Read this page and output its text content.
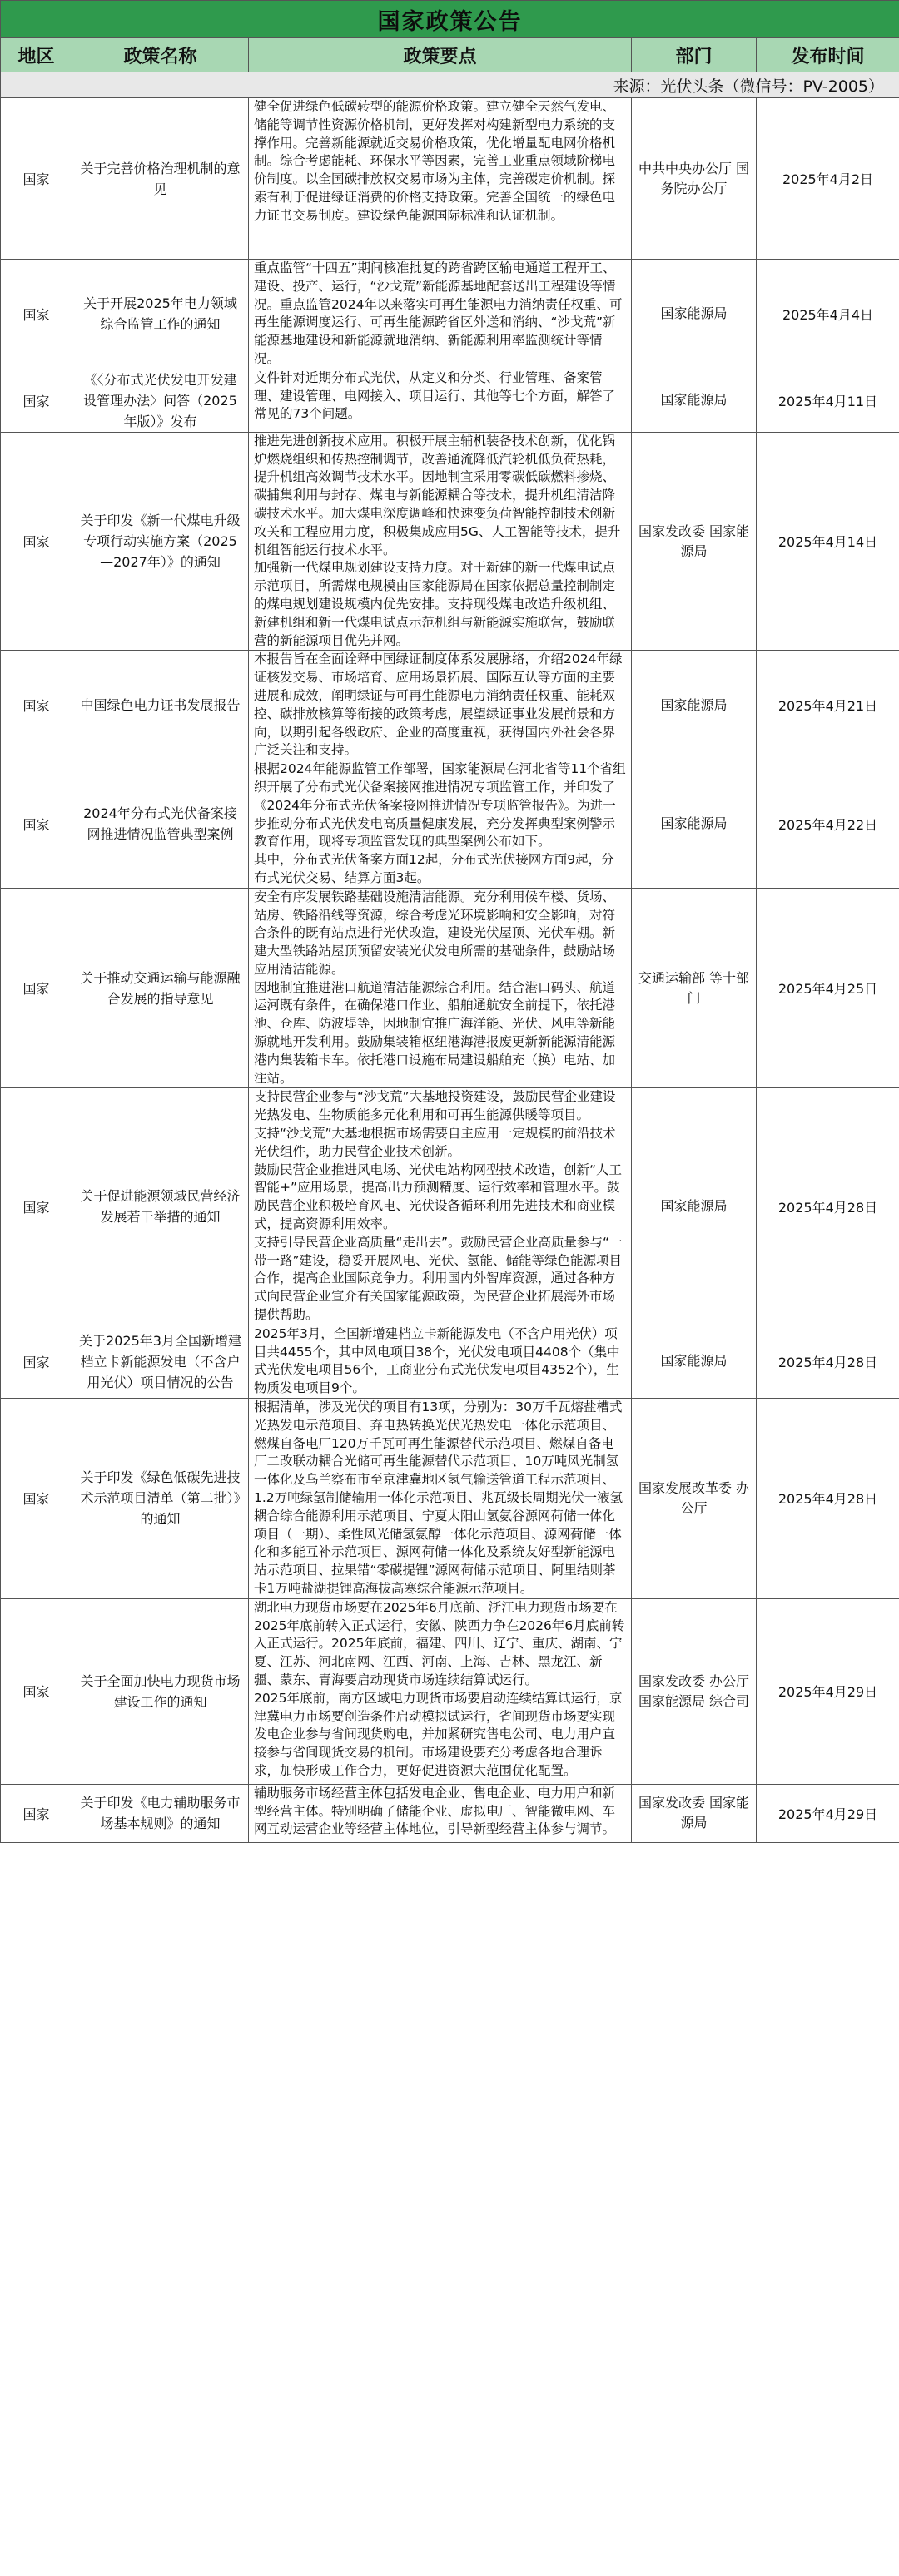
国家政策公告				
地区	政策名称	政策要点	部门	发布时间
来源：光伏头条（微信号：PV-2005）				
国家	关于完善价格治理机制的意见	健全促进绿色低碳转型的能源价格政策。建立健全天然气发电、储能等调节性资源价格机制，更好发挥对构建新型电力系统的支撑作用。完善新能源就近交易价格政策，优化增量配电网价格机制。综合考虑能耗、环保水平等因素，完善工业重点领域阶梯电价制度。以全国碳排放权交易市场为主体，完善碳定价机制。探索有利于促进绿证消费的价格支持政策。完善全国统一的绿色电力证书交易制度。建设绿色能源国际标准和认证机制。	中共中央办公厅 国务院办公厅	2025年4月2日
国家	关于开展2025年电力领域综合监管工作的通知	重点监管“十四五”期间核准批复的跨省跨区输电通道工程开工、建设、投产、运行，“沙戈荒”新能源基地配套送出工程建设等情况。重点监管2024年以来落实可再生能源电力消纳责任权重、可再生能源调度运行、可再生能源跨省区外送和消纳、“沙戈荒”新能源基地建设和新能源就地消纳、新能源利用率监测统计等情况。	国家能源局	2025年4月4日
国家	《〈分布式光伏发电开发建设管理办法〉问答（2025年版）》发布	文件针对近期分布式光伏，从定义和分类、行业管理、备案管理、建设管理、电网接入、项目运行、其他等七个方面，解答了常见的73个问题。	国家能源局	2025年4月11日
国家	关于印发《新一代煤电升级专项行动实施方案（2025—2027年）》的通知	推进先进创新技术应用。积极开展主辅机装备技术创新，优化锅炉燃烧组织和传热控制调节，改善通流降低汽轮机低负荷热耗，提升机组高效调节技术水平。因地制宜采用零碳低碳燃料掺烧、碳捕集利用与封存、煤电与新能源耦合等技术，提升机组清洁降碳技术水平。加大煤电深度调峰和快速变负荷智能控制技术创新攻关和工程应用力度，积极集成应用5G、人工智能等技术，提升机组智能运行技术水平。

加强新一代煤电规划建设支持力度。对于新建的新一代煤电试点示范项目，所需煤电规模由国家能源局在国家依据总量控制制定的煤电规划建设规模内优先安排。支持现役煤电改造升级机组、新建机组和新一代煤电试点示范机组与新能源实施联营，鼓励联营的新能源项目优先并网。	国家发改委 国家能源局	2025年4月14日
国家	中国绿色电力证书发展报告	本报告旨在全面诠释中国绿证制度体系发展脉络，介绍2024年绿证核发交易、市场培育、应用场景拓展、国际互认等方面的主要进展和成效，阐明绿证与可再生能源电力消纳责任权重、能耗双控、碳排放核算等衔接的政策考虑，展望绿证事业发展前景和方向，以期引起各级政府、企业的高度重视，获得国内外社会各界广泛关注和支持。	国家能源局	2025年4月21日
国家	2024年分布式光伏备案接网推进情况监管典型案例	根据2024年能源监管工作部署，国家能源局在河北省等11个省组织开展了分布式光伏备案接网推进情况专项监管工作，并印发了《2024年分布式光伏备案接网推进情况专项监管报告》。为进一步推动分布式光伏发电高质量健康发展，充分发挥典型案例警示教育作用，现将专项监管发现的典型案例公布如下。

其中，分布式光伏备案方面12起，分布式光伏接网方面9起，分布式光伏交易、结算方面3起。	国家能源局	2025年4月22日
国家	关于推动交通运输与能源融合发展的指导意见	安全有序发展铁路基础设施清洁能源。充分利用候车楼、货场、站房、铁路沿线等资源，综合考虑光环境影响和安全影响，对符合条件的既有站点进行光伏改造，建设光伏屋顶、光伏车棚。新建大型铁路站屋顶预留安装光伏发电所需的基础条件，鼓励站场应用清洁能源。

因地制宜推进港口航道清洁能源综合利用。结合港口码头、航道运河既有条件，在确保港口作业、船舶通航安全前提下，依托港池、仓库、防波堤等，因地制宜推广海洋能、光伏、风电等新能源就地开发利用。鼓励集装箱枢纽港海港报废更新新能源清能源港内集装箱卡车。依托港口设施布局建设船舶充（换）电站、加注站。	交通运输部 等十部门	2025年4月25日
国家	关于促进能源领域民营经济发展若干举措的通知	支持民营企业参与“沙戈荒”大基地投资建设，鼓励民营企业建设光热发电、生物质能多元化利用和可再生能源供暖等项目。

支持“沙戈荒”大基地根据市场需要自主应用一定规模的前沿技术光伏组件，助力民营企业技术创新。

鼓励民营企业推进风电场、光伏电站构网型技术改造，创新“人工智能+”应用场景，提高出力预测精度、运行效率和管理水平。鼓励民营企业积极培育风电、光伏设备循环利用先进技术和商业模式，提高资源利用效率。

支持引导民营企业高质量“走出去”。鼓励民营企业高质量参与“一带一路”建设，稳妥开展风电、光伏、氢能、储能等绿色能源项目合作，提高企业国际竞争力。利用国内外智库资源，通过各种方式向民营企业宣介有关国家能源政策，为民营企业拓展海外市场提供帮助。	国家能源局	2025年4月28日
国家	关于2025年3月全国新增建档立卡新能源发电（不含户用光伏）项目情况的公告	2025年3月，全国新增建档立卡新能源发电（不含户用光伏）项目共4455个，其中风电项目38个，光伏发电项目4408个（集中式光伏发电项目56个，工商业分布式光伏发电项目4352个），生物质发电项目9个。	国家能源局	2025年4月28日
国家	关于印发《绿色低碳先进技术示范项目清单（第二批）》的通知	根据清单，涉及光伏的项目有13项，分别为：30万千瓦熔盐槽式光热发电示范项目、弃电热转换光伏光热发电一体化示范项目、燃煤自备电厂120万千瓦可再生能源替代示范项目、燃煤自备电厂二改联动耦合光储可再生能源替代示范项目、10万吨风光制氢一体化及乌兰察布市至京津冀地区氢气输送管道工程示范项目、1.2万吨绿氢制储输用一体化示范项目、兆瓦级长周期光伏一液氢耦合综合能源利用示范项目、宁夏太阳山氢氨谷源网荷储一体化项目（一期）、柔性风光储氢氨醇一体化示范项目、源网荷储一体化和多能互补示范项目、源网荷储一体化及系统友好型新能源电站示范项目、拉果错“零碳提锂”源网荷储示范项目、阿里结则茶卡1万吨盐湖提锂高海拔高寒综合能源示范项目。	国家发展改革委 办公厅	2025年4月28日
国家	关于全面加快电力现货市场建设工作的通知	湖北电力现货市场要在2025年6月底前、浙江电力现货市场要在2025年底前转入正式运行，安徽、陕西力争在2026年6月底前转入正式运行。2025年底前，福建、四川、辽宁、重庆、湖南、宁夏、江苏、河北南网、江西、河南、上海、吉林、黑龙江、新疆、蒙东、青海要启动现货市场连续结算试运行。

2025年底前，南方区域电力现货市场要启动连续结算试运行，京津冀电力市场要创造条件启动模拟试运行，省间现货市场要实现发电企业参与省间现货购电，并加紧研究售电公司、电力用户直接参与省间现货交易的机制。市场建设要充分考虑各地合理诉求，加快形成工作合力，更好促进资源大范围优化配置。	国家发改委 办公厅 国家能源局 综合司	2025年4月29日
国家	关于印发《电力辅助服务市场基本规则》的通知	辅助服务市场经营主体包括发电企业、售电企业、电力用户和新型经营主体。特别明确了储能企业、虚拟电厂、智能微电网、车网互动运营企业等经营主体地位，引导新型经营主体参与调节。	国家发改委 国家能源局	2025年4月29日
